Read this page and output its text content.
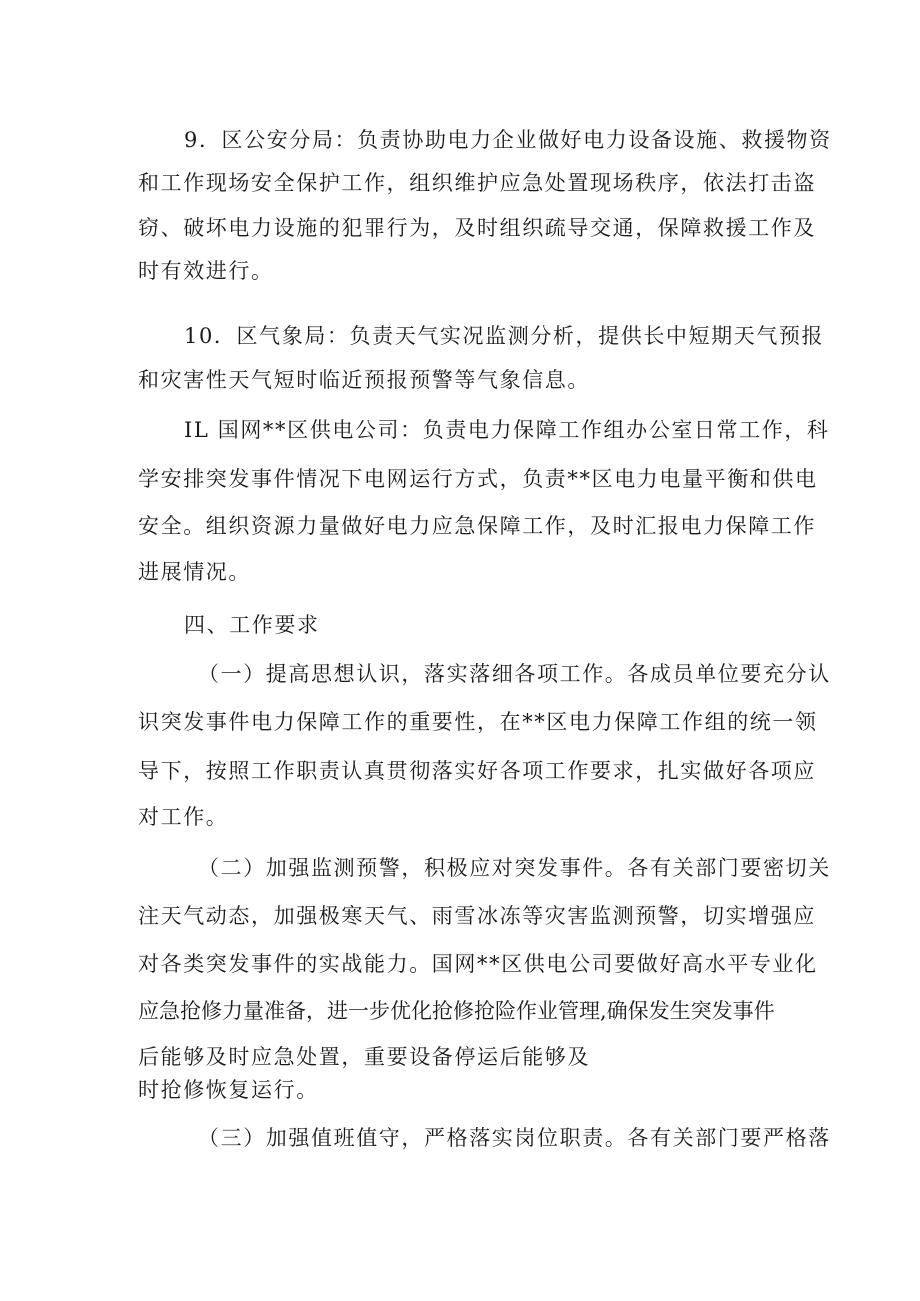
9．区公安分局：负责协助电力企业做好电力设备设施、救援物资
和工作现场安全保护工作，组织维护应急处置现场秩序，依法打击盗
窃、破坏电力设施的犯罪行为，及时组织疏导交通，保障救援工作及
时有效进行。
10．区气象局：负责天气实况监测分析，提供长中短期天气预报
和灾害性天气短时临近预报预警等气象信息。
IL 国网**区供电公司：负责电力保障工作组办公室日常工作，科
学安排突发事件情况下电网运行方式，负责**区电力电量平衡和供电
安全。组织资源力量做好电力应急保障工作，及时汇报电力保障工作
进展情况。
四、工作要求
（一）提高思想认识，落实落细各项工作。各成员单位要充分认
识突发事件电力保障工作的重要性，在**区电力保障工作组的统一领
导下，按照工作职责认真贯彻落实好各项工作要求，扎实做好各项应
对工作。
（二）加强监测预警，积极应对突发事件。各有关部门要密切关
注天气动态，加强极寒天气、雨雪冰冻等灾害监测预警，切实增强应
对各类突发事件的实战能力。国网**区供电公司要做好高水平专业化
应急抢修力量准备，进一步优化抢修抢险作业管理,确保发生突发事件
后能够及时应急处置，重要设备停运后能够及
时抢修恢复运行。
（三）加强值班值守，严格落实岗位职责。各有关部门要严格落
